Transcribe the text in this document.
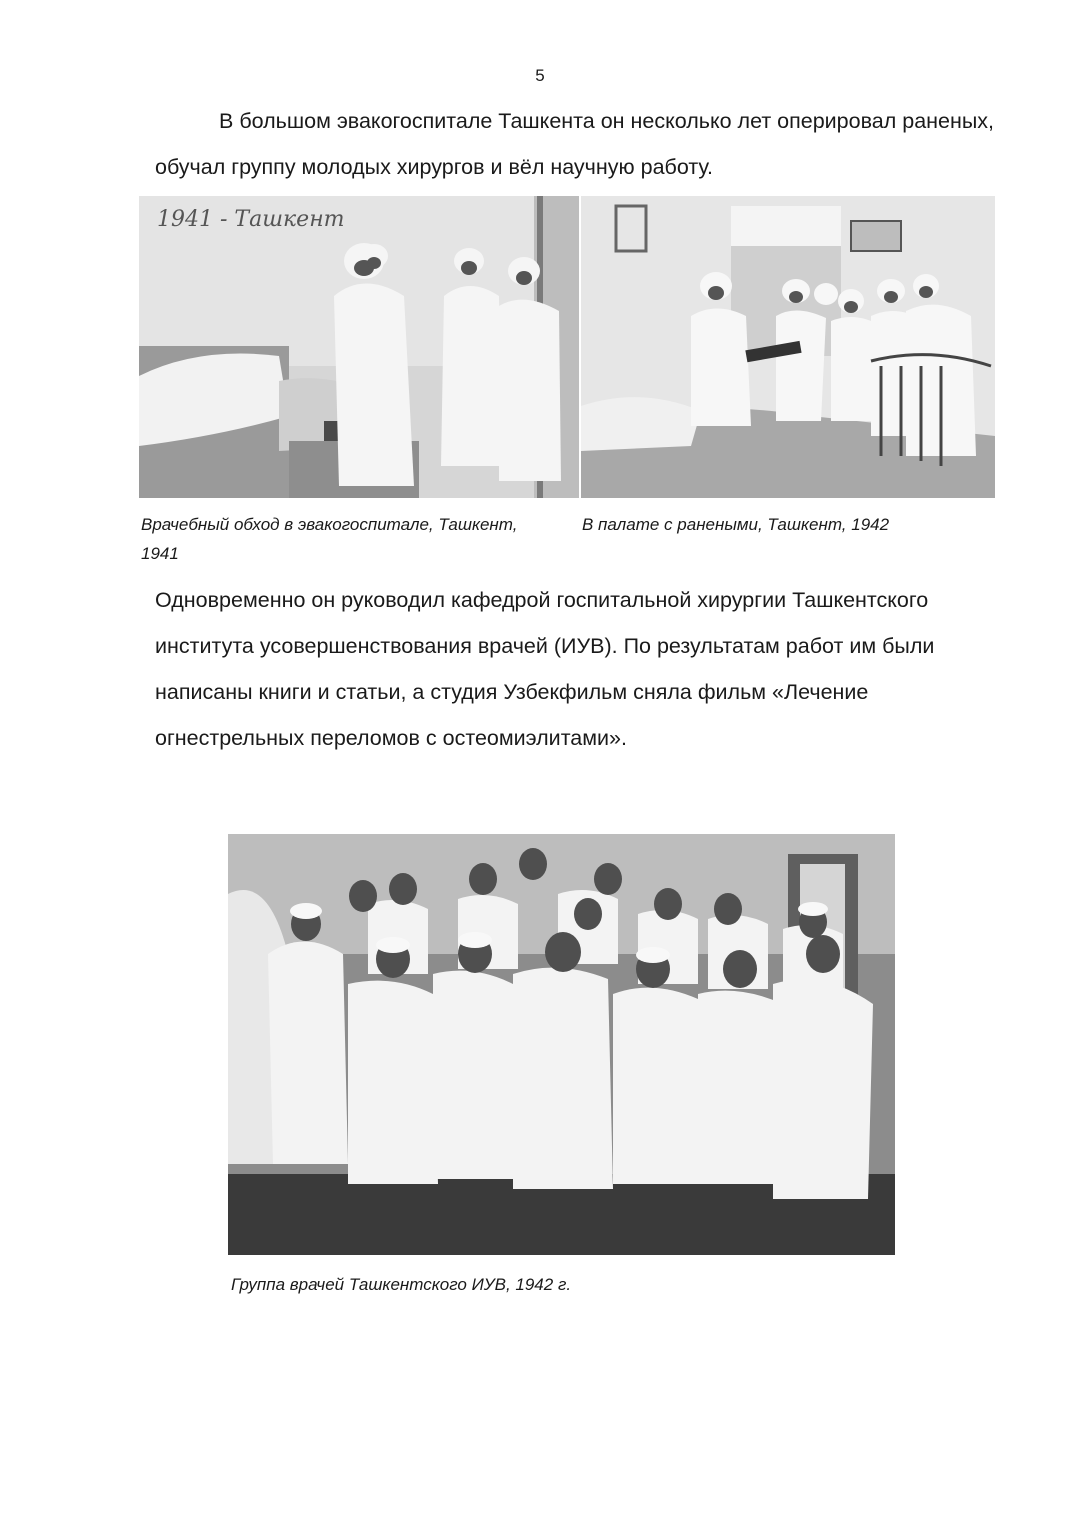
5

В большом эвакогоспитале Ташкента он несколько лет оперировал раненых, обучал группу молодых хирургов и вёл научную работу.

1941 - Ташкент

Врачебный обход в эвакогоспитале, Ташкент, 1941

В палате с ранеными, Ташкент, 1942

Одновременно он руководил кафедрой госпитальной хирургии Ташкентского института усовершенствования врачей (ИУВ). По результатам работ им были написаны книги и статьи, а студия Узбекфильм сняла фильм «Лечение огнестрельных переломов с остеомиэлитами».

Группа врачей Ташкентского ИУВ, 1942 г.
